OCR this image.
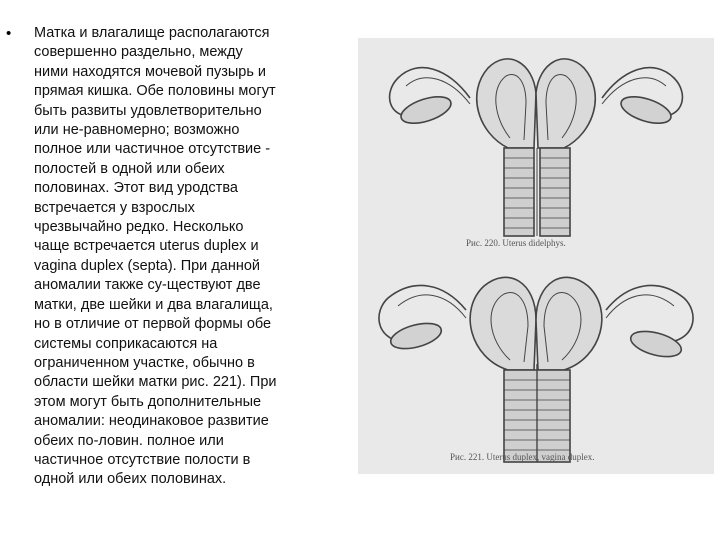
• Матка и влагалище располагаются
совершенно раздельно, между
ними находятся мочевой пузырь и
прямая кишка. Обе половины могут
быть развиты удовлетворительно
или не-равномерно; возможно
полное или частичное отсутствие -
полостей в одной или обеих
половинах. Этот вид уродства
встречается у взрослых
чрезвычайно редко. Несколько
чаще встречается uterus duplex и
vagina duplex (septa). При данной
аномалии также су-ществуют две
матки, две шейки и два влагалища,
но в отличие от первой формы обе
системы соприкасаются на
ограниченном участке, обычно в
области шейки матки рис. 221). При
этом могут быть дополнительные
аномалии: неодинаковое развитие
обеих по-ловин. полное или
частичное отсутствие полости в
одной или обеих половинах.
Рис. 220. Uterus didelphys.
Рис. 221. Uterus duplex, vagina duplex.
